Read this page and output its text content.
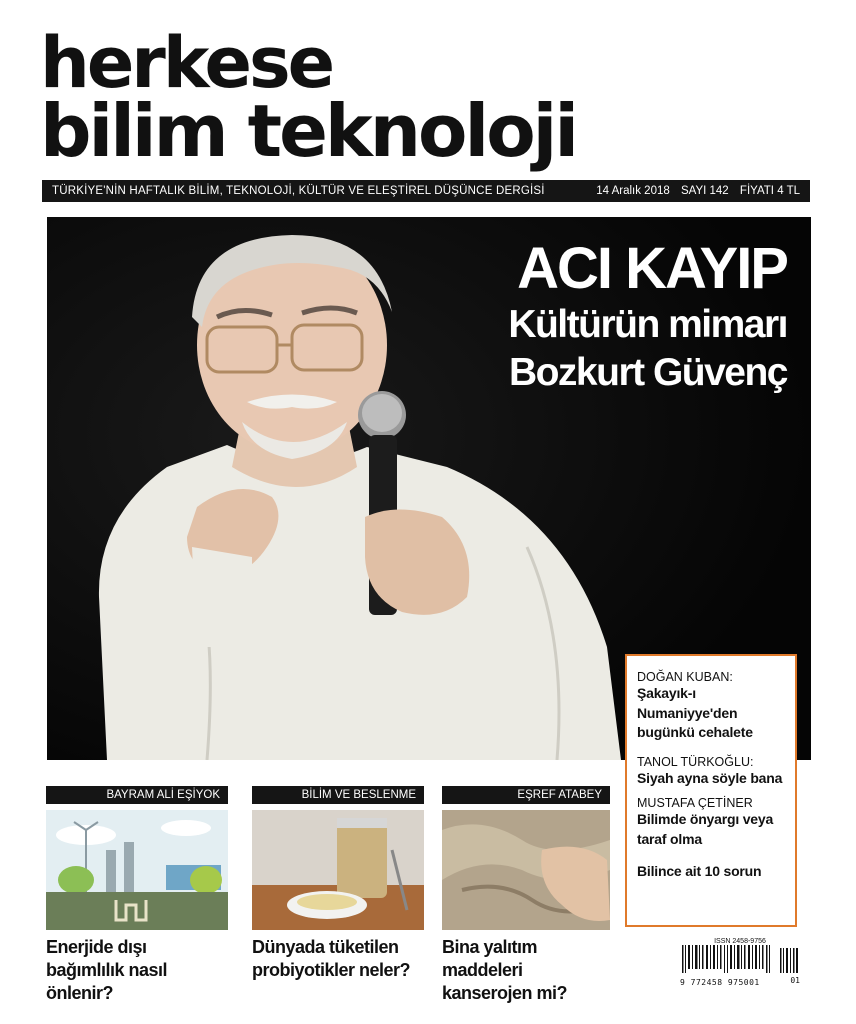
herkese
bilim teknoloji
TÜRKİYE'NİN HAFTALIK BİLİM, TEKNOLOJİ, KÜLTÜR VE ELEŞTİREL DÜŞÜNCE DERGİSİ	14 Aralık 2018 SAYI 142 FİYATI 4 TL
ACI KAYIP
Kültürün mimarı
Bozkurt Güvenç
DOĞAN KUBAN:
Şakayık-ı Numaniyye'den bugünkü cehalete
TANOL TÜRKOĞLU:
Siyah ayna söyle bana
MUSTAFA ÇETİNER
Bilimde önyargı veya taraf olma
Bilince ait 10 sorun
BAYRAM ALİ EŞİYOK
Enerjide dışı bağımlılık nasıl önlenir?
BİLİM VE BESLENME
Dünyada tüketilen probiyotikler neler?
EŞREF ATABEY
Bina yalıtım maddeleri kanserojen mi?
ISSN 2458-9756
9 772458 975001	01
